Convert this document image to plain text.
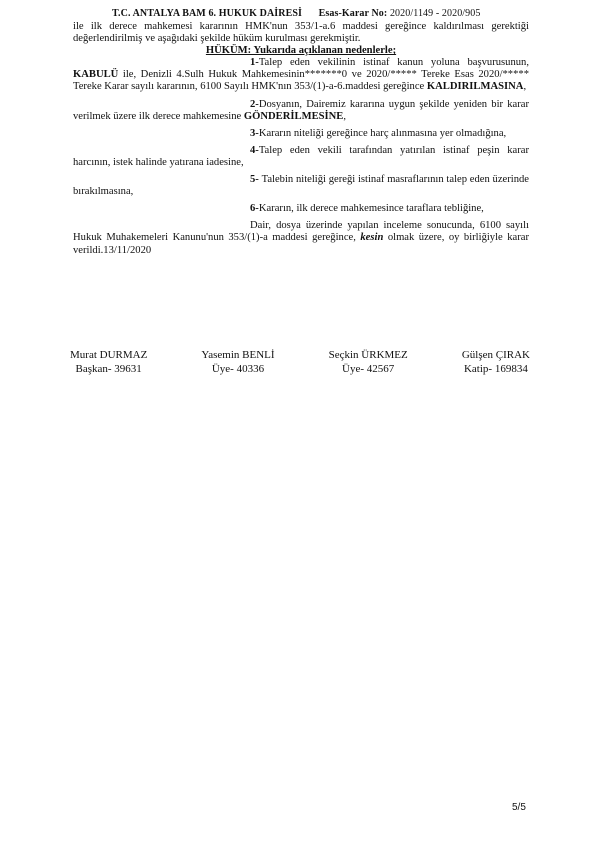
T.C. ANTALYA BAM 6. HUKUK DAİRESİ Esas-Karar No: 2020/1149 - 2020/905

ile ilk derece mahkemesi kararının HMK'nun 353/1-a.6 maddesi gereğince kaldırılması gerektiği değerlendirilmiş ve aşağıdaki şekilde hüküm kurulması gerekmiştir.

HÜKÜM: Yukarıda açıklanan nedenlerle;

1-Talep eden vekilinin istinaf kanun yoluna başvurusunun, KABULÜ ile, Denizli 4.Sulh Hukuk Mahkemesinin*******0 ve 2020/***** Tereke Esas 2020/***** Tereke Karar sayılı kararının, 6100 Sayılı HMK'nın 353/(1)-a-6.maddesi gereğince KALDIRILMASINA,

2-Dosyanın, Dairemiz kararına uygun şekilde yeniden bir karar verilmek üzere ilk derece mahkemesine GÖNDERİLMESİNE,

3-Kararın niteliği gereğince harç alınmasına yer olmadığına,

4-Talep eden vekili tarafından yatırılan istinaf peşin karar harcının, istek halinde yatırana iadesine,

5- Talebin niteliği gereği istinaf masraflarının talep eden üzerinde bırakılmasına,

6-Kararın, ilk derece mahkemesince taraflara tebliğine,

Dair, dosya üzerinde yapılan inceleme sonucunda, 6100 sayılı Hukuk Muhakemeleri Kanunu'nun 353/(1)-a maddesi gereğince, kesin olmak üzere, oy birliğiyle karar verildi.13/11/2020

Murat DURMAZ
Başkan- 39631
Yasemin BENLİ
Üye- 40336
Seçkin ÜRKMEZ
Üye- 42567
Gülşen ÇIRAK
Katip- 169834
5/5
